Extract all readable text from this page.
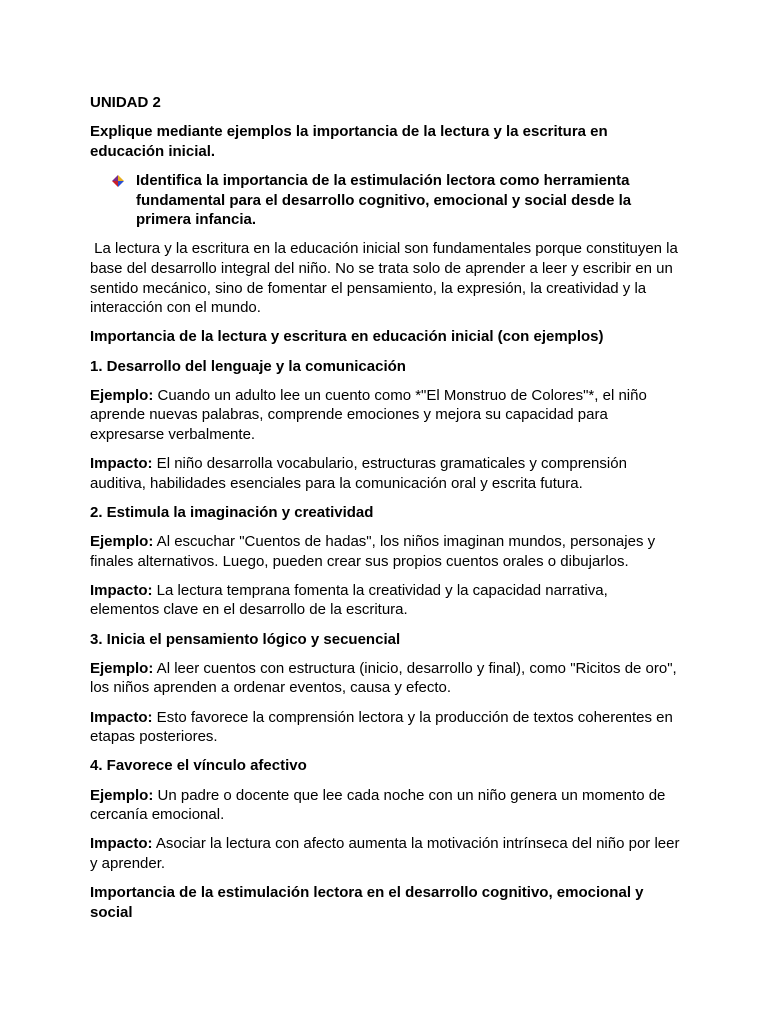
UNIDAD 2
Explique mediante ejemplos la importancia de la lectura y la escritura en educación inicial.
Identifica la importancia de la estimulación lectora como herramienta fundamental para el desarrollo cognitivo, emocional y social desde la primera infancia.
La lectura y la escritura en la educación inicial son fundamentales porque constituyen la base del desarrollo integral del niño. No se trata solo de aprender a leer y escribir en un sentido mecánico, sino de fomentar el pensamiento, la expresión, la creatividad y la interacción con el mundo.
Importancia de la lectura y escritura en educación inicial (con ejemplos)
1. Desarrollo del lenguaje y la comunicación
Ejemplo: Cuando un adulto lee un cuento como *"El Monstruo de Colores"*, el niño aprende nuevas palabras, comprende emociones y mejora su capacidad para expresarse verbalmente.
Impacto: El niño desarrolla vocabulario, estructuras gramaticales y comprensión auditiva, habilidades esenciales para la comunicación oral y escrita futura.
2. Estimula la imaginación y creatividad
Ejemplo: Al escuchar "Cuentos de hadas", los niños imaginan mundos, personajes y finales alternativos. Luego, pueden crear sus propios cuentos orales o dibujarlos.
Impacto: La lectura temprana fomenta la creatividad y la capacidad narrativa, elementos clave en el desarrollo de la escritura.
3. Inicia el pensamiento lógico y secuencial
Ejemplo: Al leer cuentos con estructura (inicio, desarrollo y final), como "Ricitos de oro", los niños aprenden a ordenar eventos, causa y efecto.
Impacto: Esto favorece la comprensión lectora y la producción de textos coherentes en etapas posteriores.
4. Favorece el vínculo afectivo
Ejemplo: Un padre o docente que lee cada noche con un niño genera un momento de cercanía emocional.
Impacto: Asociar la lectura con afecto aumenta la motivación intrínseca del niño por leer y aprender.
Importancia de la estimulación lectora en el desarrollo cognitivo, emocional y social
